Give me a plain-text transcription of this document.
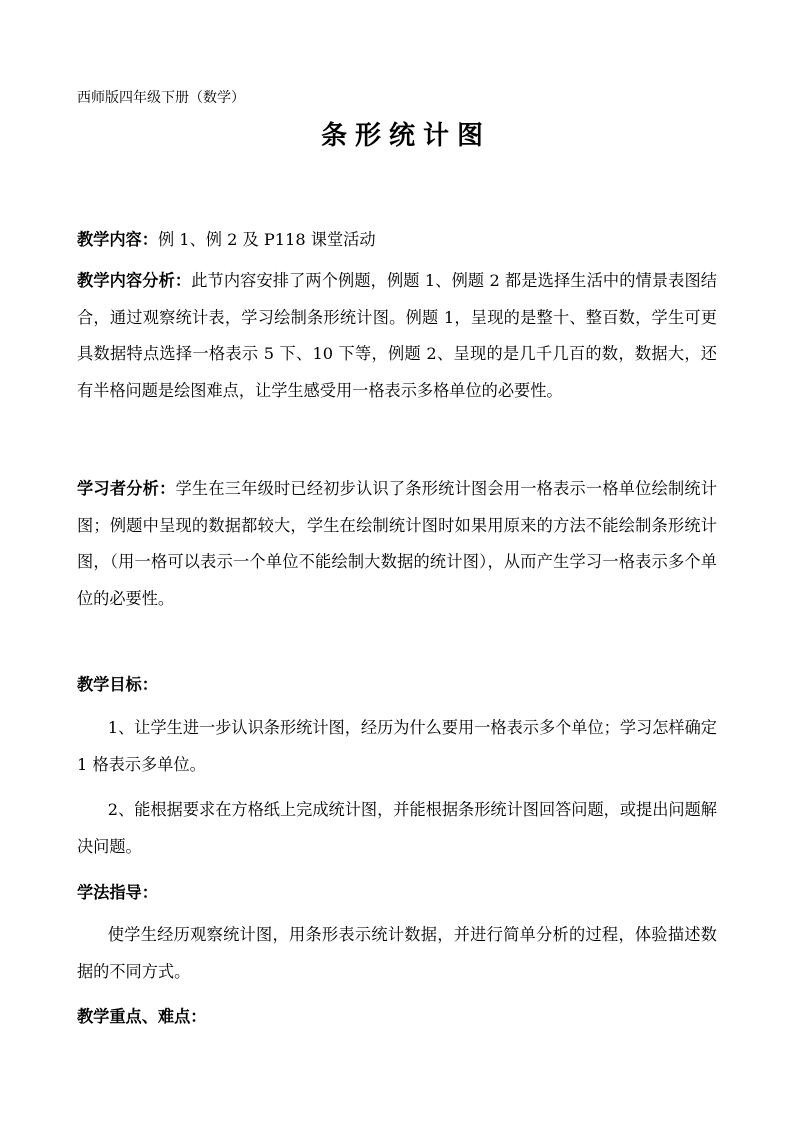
西师版四年级下册（数学）
条形统计图

教学内容：例 1、例 2 及 P118 课堂活动

教学内容分析：此节内容安排了两个例题，例题 1、例题 2 都是选择生活中的情景表图结合，通过观察统计表，学习绘制条形统计图。例题 1，呈现的是整十、整百数，学生可更具数据特点选择一格表示 5 下、10 下等，例题 2、呈现的是几千几百的数，数据大，还有半格问题是绘图难点，让学生感受用一格表示多格单位的必要性。

学习者分析：学生在三年级时已经初步认识了条形统计图会用一格表示一格单位绘制统计图；例题中呈现的数据都较大，学生在绘制统计图时如果用原来的方法不能绘制条形统计图，（用一格可以表示一个单位不能绘制大数据的统计图），从而产生学习一格表示多个单位的必要性。

教学目标：

1、让学生进一步认识条形统计图，经历为什么要用一格表示多个单位；学习怎样确定 1 格表示多单位。

2、能根据要求在方格纸上完成统计图，并能根据条形统计图回答问题，或提出问题解决问题。

学法指导：

使学生经历观察统计图，用条形表示统计数据，并进行简单分析的过程，体验描述数据的不同方式。

教学重点、难点：
